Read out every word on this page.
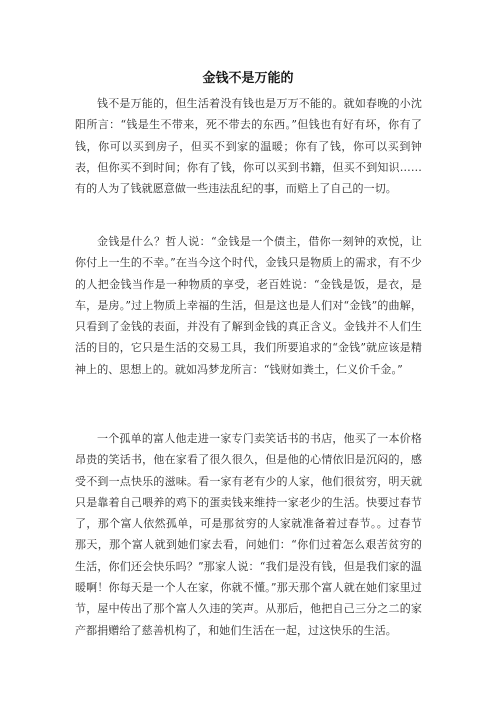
金钱不是万能的

钱不是万能的，但生活着没有钱也是万万不能的。就如春晚的小沈阳所言：“钱是生不带来，死不带去的东西。”但钱也有好有坏，你有了钱，你可以买到房子，但买不到家的温暖；你有了钱，你可以买到钟表，但你买不到时间；你有了钱，你可以买到书籍，但买不到知识……有的人为了钱就愿意做一些违法乱纪的事，而赔上了自己的一切。

金钱是什么？哲人说：“金钱是一个债主，借你一刻钟的欢悦，让你付上一生的不幸。”在当今这个时代，金钱只是物质上的需求，有不少的人把金钱当作是一种物质的享受，老百姓说：“金钱是饭，是衣，是车，是房。”过上物质上幸福的生活，但是这也是人们对“金钱”的曲解，只看到了金钱的表面，并没有了解到金钱的真正含义。金钱并不人们生活的目的，它只是生活的交易工具，我们所要追求的“金钱”就应该是精神上的、思想上的。就如冯梦龙所言：“钱财如粪土，仁义价千金。”

一个孤单的富人他走进一家专门卖笑话书的书店，他买了一本价格昂贵的笑话书，他在家看了很久很久，但是他的心情依旧是沉闷的，感受不到一点快乐的滋味。看一家有老有少的人家，他们很贫穷，明天就只是靠着自己喂养的鸡下的蛋卖钱来维持一家老少的生活。快要过春节了，那个富人依然孤单，可是那贫穷的人家就准备着过春节。。过春节那天，那个富人就到她们家去看，问她们：“你们过着怎么艰苦贫穷的生活，你们还会快乐吗？”那家人说：“我们是没有钱，但是我们家的温暖啊！你每天是一个人在家，你就不懂。”那天那个富人就在她们家里过节，屋中传出了那个富人久违的笑声。从那后，他把自己三分之二的家产都捐赠给了慈善机构了，和她们生活在一起，过这快乐的生活。
